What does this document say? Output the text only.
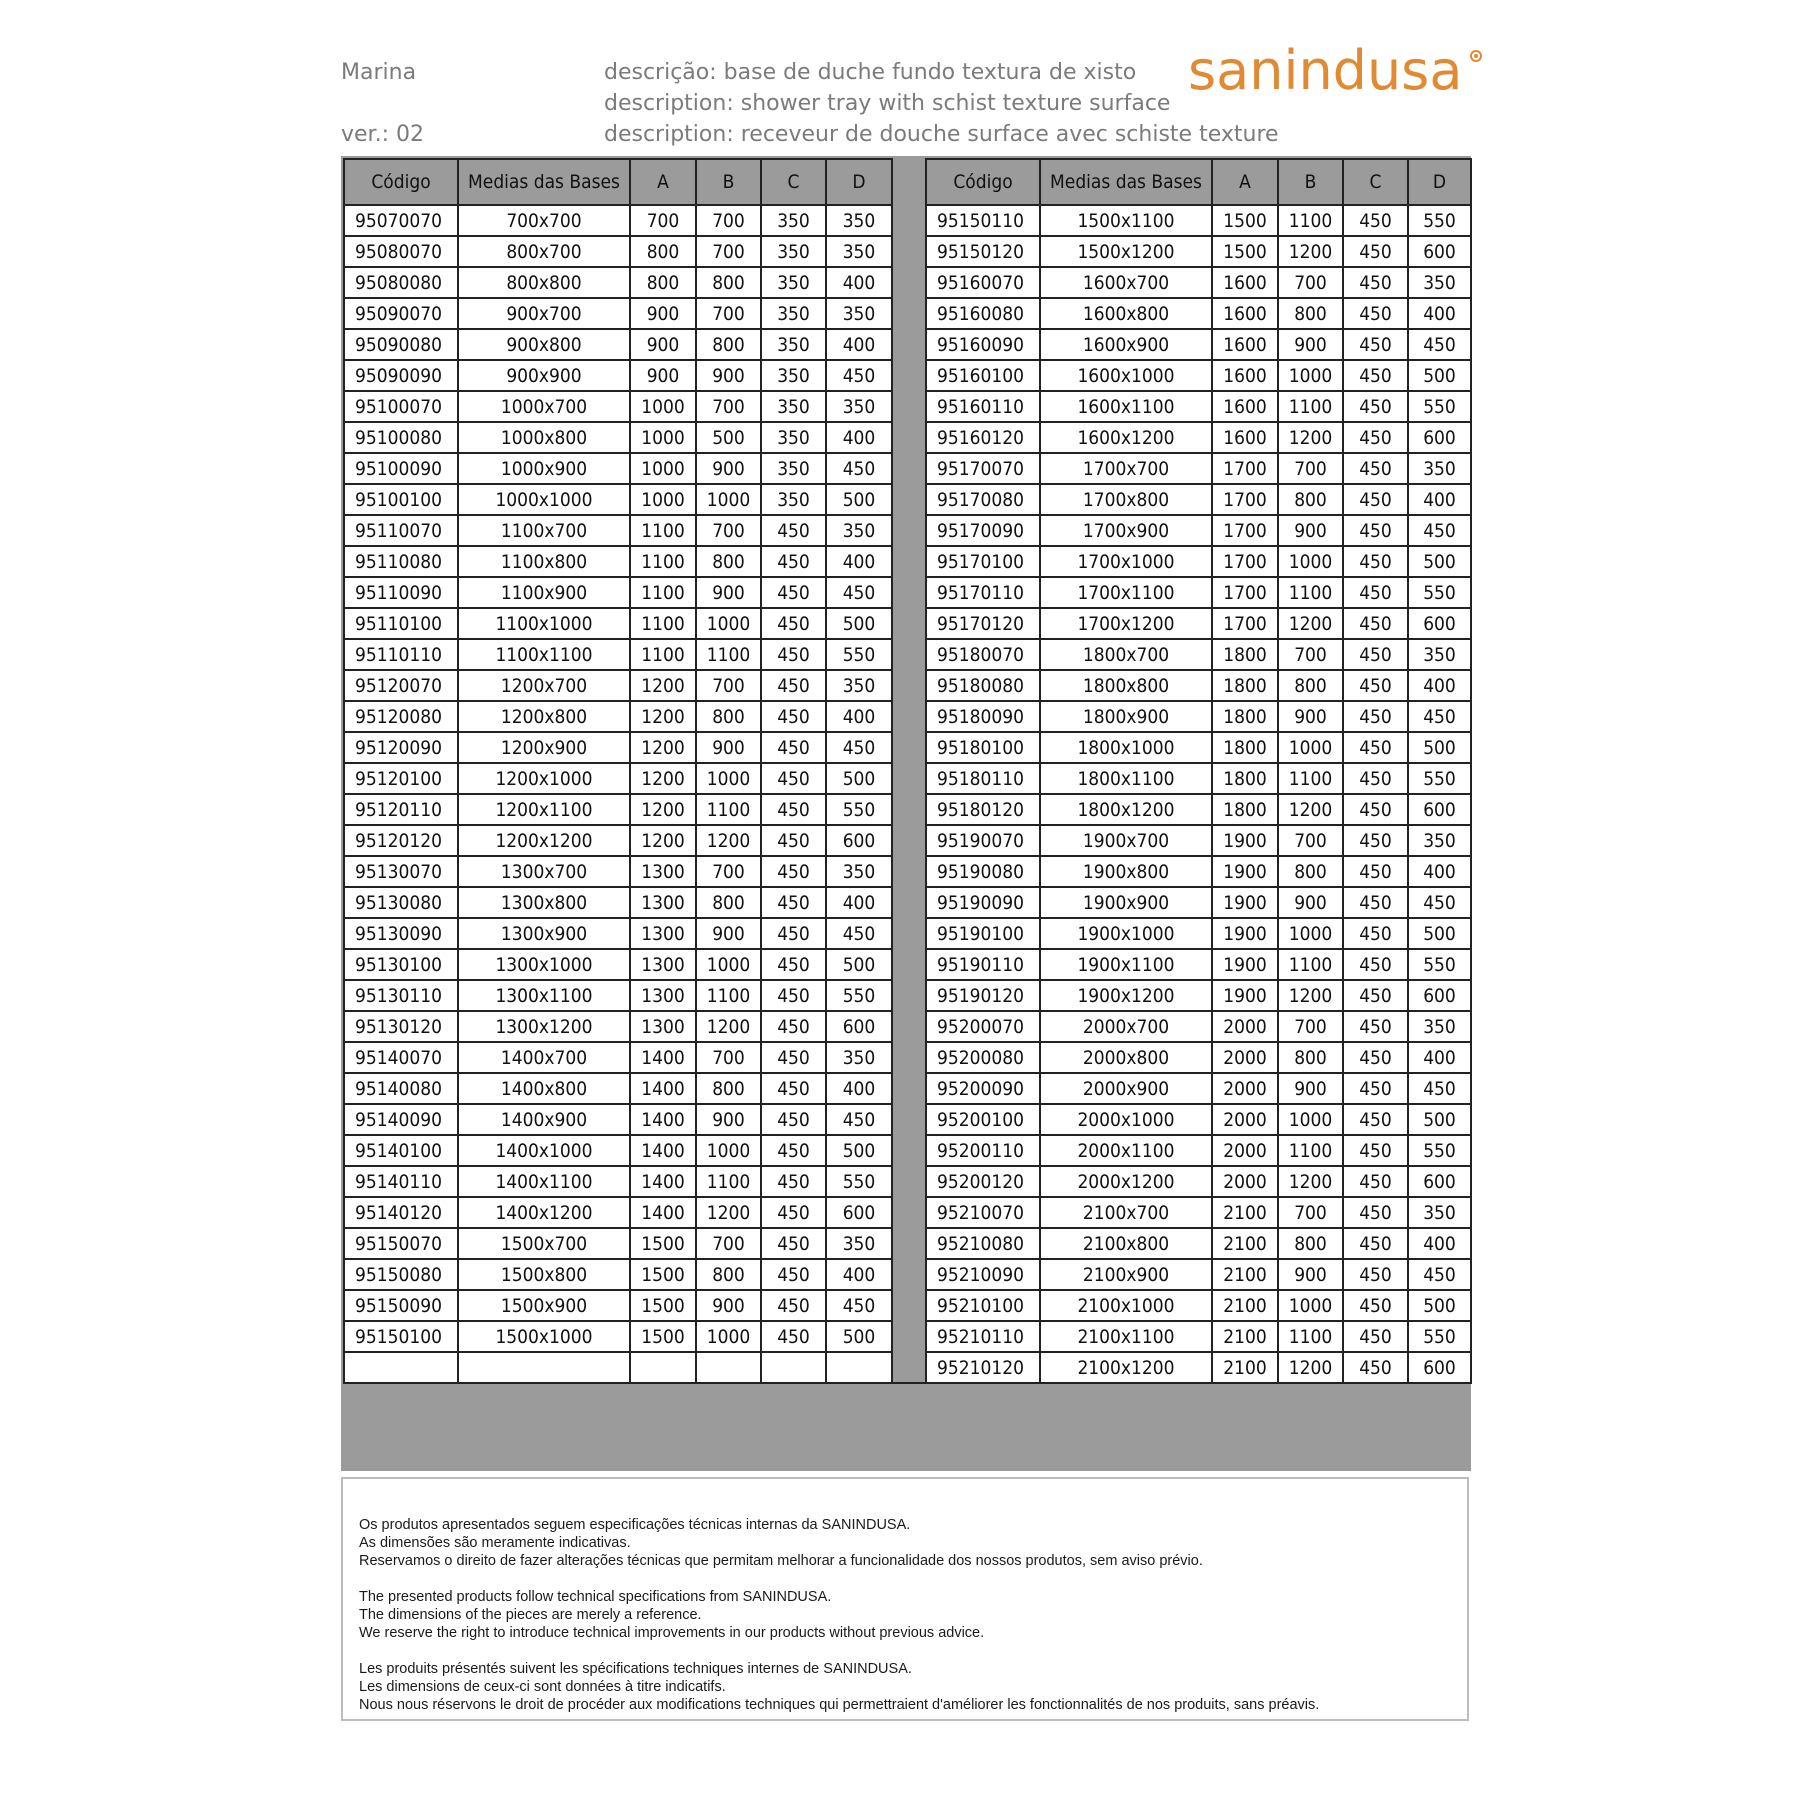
Marina
ver.: 02
descrição: base de duche fundo textura de xisto
description: shower tray with schist texture surface
description: receveur de douche surface avec schiste texture
sanindusa
Código	Medias das Bases	A	B	C	D		Código	Medias das Bases	A	B	C	D
95070070	700x700	700	700	350	350		95150110	1500x1100	1500	1100	450	550
95080070	800x700	800	700	350	350		95150120	1500x1200	1500	1200	450	600
95080080	800x800	800	800	350	400		95160070	1600x700	1600	700	450	350
95090070	900x700	900	700	350	350		95160080	1600x800	1600	800	450	400
95090080	900x800	900	800	350	400		95160090	1600x900	1600	900	450	450
95090090	900x900	900	900	350	450		95160100	1600x1000	1600	1000	450	500
95100070	1000x700	1000	700	350	350		95160110	1600x1100	1600	1100	450	550
95100080	1000x800	1000	500	350	400		95160120	1600x1200	1600	1200	450	600
95100090	1000x900	1000	900	350	450		95170070	1700x700	1700	700	450	350
95100100	1000x1000	1000	1000	350	500		95170080	1700x800	1700	800	450	400
95110070	1100x700	1100	700	450	350		95170090	1700x900	1700	900	450	450
95110080	1100x800	1100	800	450	400		95170100	1700x1000	1700	1000	450	500
95110090	1100x900	1100	900	450	450		95170110	1700x1100	1700	1100	450	550
95110100	1100x1000	1100	1000	450	500		95170120	1700x1200	1700	1200	450	600
95110110	1100x1100	1100	1100	450	550		95180070	1800x700	1800	700	450	350
95120070	1200x700	1200	700	450	350		95180080	1800x800	1800	800	450	400
95120080	1200x800	1200	800	450	400		95180090	1800x900	1800	900	450	450
95120090	1200x900	1200	900	450	450		95180100	1800x1000	1800	1000	450	500
95120100	1200x1000	1200	1000	450	500		95180110	1800x1100	1800	1100	450	550
95120110	1200x1100	1200	1100	450	550		95180120	1800x1200	1800	1200	450	600
95120120	1200x1200	1200	1200	450	600		95190070	1900x700	1900	700	450	350
95130070	1300x700	1300	700	450	350		95190080	1900x800	1900	800	450	400
95130080	1300x800	1300	800	450	400		95190090	1900x900	1900	900	450	450
95130090	1300x900	1300	900	450	450		95190100	1900x1000	1900	1000	450	500
95130100	1300x1000	1300	1000	450	500		95190110	1900x1100	1900	1100	450	550
95130110	1300x1100	1300	1100	450	550		95190120	1900x1200	1900	1200	450	600
95130120	1300x1200	1300	1200	450	600		95200070	2000x700	2000	700	450	350
95140070	1400x700	1400	700	450	350		95200080	2000x800	2000	800	450	400
95140080	1400x800	1400	800	450	400		95200090	2000x900	2000	900	450	450
95140090	1400x900	1400	900	450	450		95200100	2000x1000	2000	1000	450	500
95140100	1400x1000	1400	1000	450	500		95200110	2000x1100	2000	1100	450	550
95140110	1400x1100	1400	1100	450	550		95200120	2000x1200	2000	1200	450	600
95140120	1400x1200	1400	1200	450	600		95210070	2100x700	2100	700	450	350
95150070	1500x700	1500	700	450	350		95210080	2100x800	2100	800	450	400
95150080	1500x800	1500	800	450	400		95210090	2100x900	2100	900	450	450
95150090	1500x900	1500	900	450	450		95210100	2100x1000	2100	1000	450	500
95150100	1500x1000	1500	1000	450	500		95210110	2100x1100	2100	1100	450	550
							95210120	2100x1200	2100	1200	450	600

Os produtos apresentados seguem especificações técnicas internas da SANINDUSA.

As dimensões são meramente indicativas.

Reservamos o direito de fazer alterações técnicas que permitam melhorar a funcionalidade dos nossos produtos, sem aviso prévio.

The presented products follow technical specifications from SANINDUSA.

The dimensions of the pieces are merely a reference.

We reserve the right to introduce technical improvements in our products without previous advice.

Les produits présentés suivent les spécifications techniques internes de SANINDUSA.

Les dimensions de ceux-ci sont données à titre indicatifs.

Nous nous réservons le droit de procéder aux modifications techniques qui permettraient d'améliorer les fonctionnalités de nos produits, sans préavis.
